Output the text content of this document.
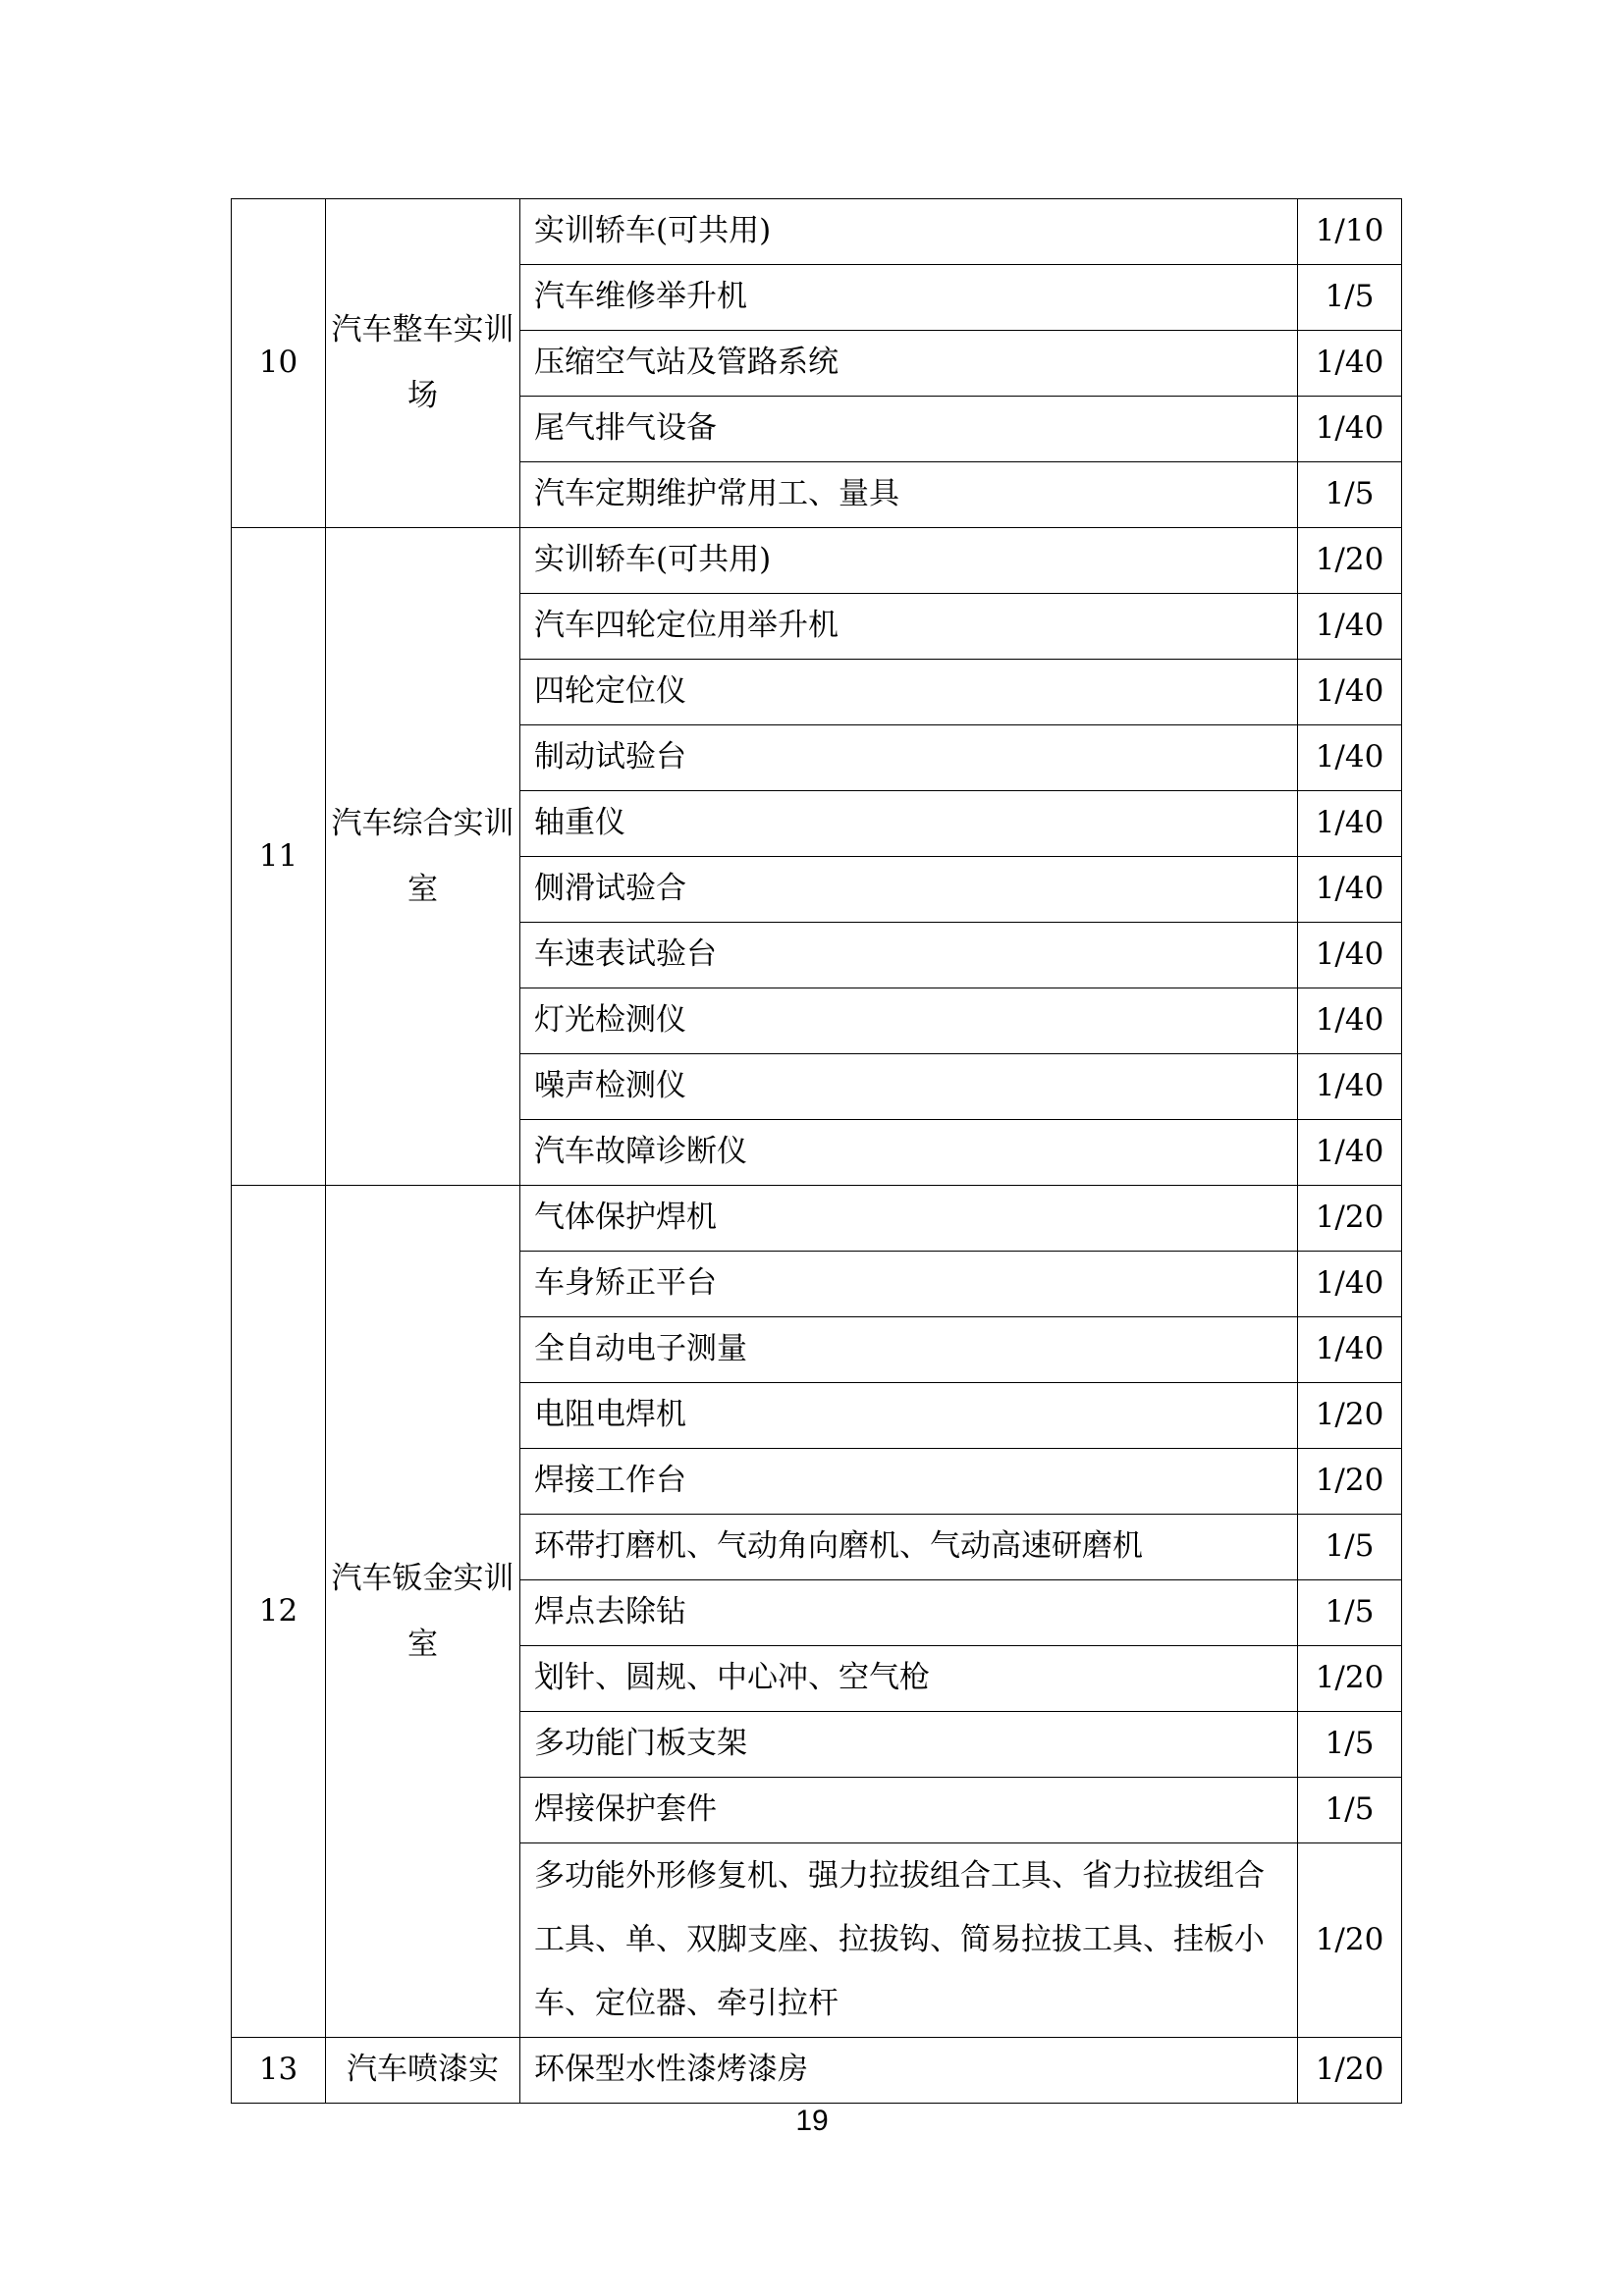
10	汽车整车实训场	实训轿车(可共用)	1/10
		汽车维修举升机	1/5
		压缩空气站及管路系统	1/40
		尾气排气设备	1/40
		汽车定期维护常用工、量具	1/5
11	汽车综合实训室	实训轿车(可共用)	1/20
		汽车四轮定位用举升机	1/40
		四轮定位仪	1/40
		制动试验台	1/40
		轴重仪	1/40
		侧滑试验合	1/40
		车速表试验台	1/40
		灯光检测仪	1/40
		噪声检测仪	1/40
		汽车故障诊断仪	1/40
12	汽车钣金实训室	气体保护焊机	1/20
		车身矫正平台	1/40
		全自动电子测量	1/40
		电阻电焊机	1/20
		焊接工作台	1/20
		环带打磨机、气动角向磨机、气动高速研磨机	1/5
		焊点去除钻	1/5
		划针、圆规、中心冲、空气枪	1/20
		多功能门板支架	1/5
		焊接保护套件	1/5
		多功能外形修复机、强力拉拔组合工具、省力拉拔组合工具、单、双脚支座、拉拔钩、简易拉拔工具、挂板小车、定位器、牵引拉杆	1/20
13	汽车喷漆实	环保型水性漆烤漆房	1/20
19
